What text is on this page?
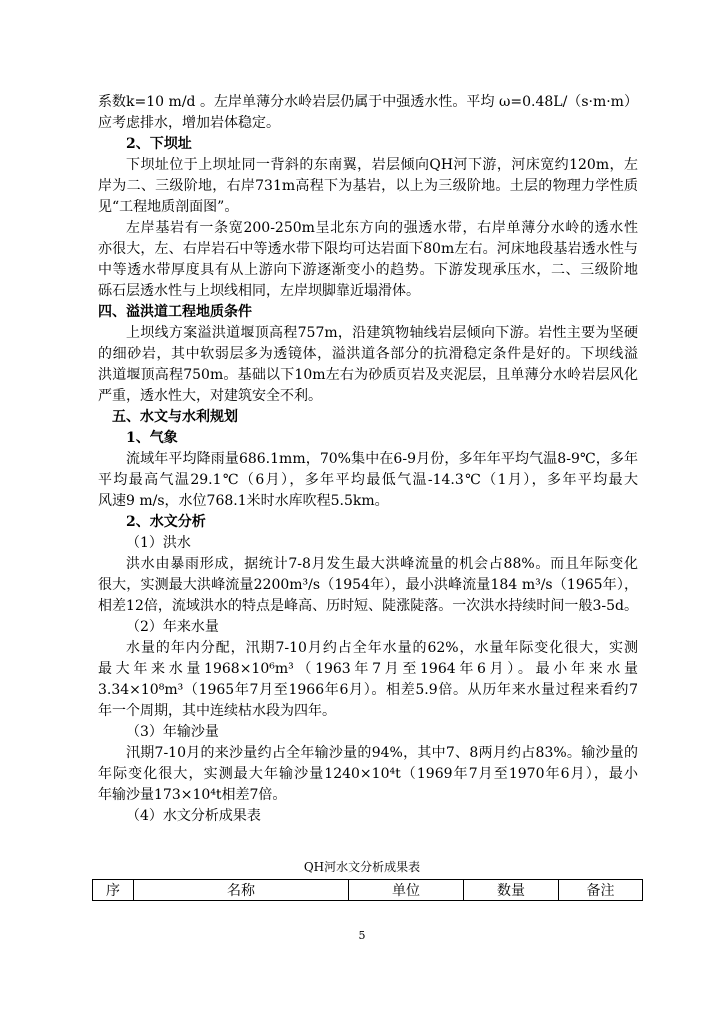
系数k=10 m/d 。左岸单薄分水岭岩层仍属于中强透水性。平均 ω=0.48L/（s·m·m）
应考虑排水，增加岩体稳定。
2、下坝址
下坝址位于上坝址同一背斜的东南翼，岩层倾向QH河下游，河床宽约120m，左
岸为二、三级阶地，右岸731m高程下为基岩，以上为三级阶地。土层的物理力学性质
见“工程地质剖面图”。
左岸基岩有一条宽200-250m呈北东方向的强透水带，右岸单薄分水岭的透水性
亦很大，左、右岸岩石中等透水带下限均可达岩面下80m左右。河床地段基岩透水性与
中等透水带厚度具有从上游向下游逐渐变小的趋势。下游发现承压水，二、三级阶地
砾石层透水性与上坝线相同，左岸坝脚靠近塌滑体。
四、溢洪道工程地质条件
上坝线方案溢洪道堰顶高程757m，沿建筑物轴线岩层倾向下游。岩性主要为坚硬
的细砂岩，其中软弱层多为透镜体，溢洪道各部分的抗滑稳定条件是好的。下坝线溢
洪道堰顶高程750m。基础以下10m左右为砂质页岩及夹泥层，且单薄分水岭岩层风化
严重，透水性大，对建筑安全不利。
五、水文与水利规划
1、气象
流域年平均降雨量686.1mm，70%集中在6-9月份，多年年平均气温8-9℃，多年
平均最高气温29.1℃（6月），多年平均最低气温-14.3℃（1月），多年平均最大
风速9 m/s，水位768.1米时水库吹程5.5km。
2、水文分析
（1）洪水
洪水由暴雨形成，据统计7-8月发生最大洪峰流量的机会占88%。而且年际变化
很大，实测最大洪峰流量2200m³/s（1954年），最小洪峰流量184 m³/s（1965年），
相差12倍，流域洪水的特点是峰高、历时短、陡涨陡落。一次洪水持续时间一般3-5d。
（2）年来水量
水量的年内分配，汛期7-10月约占全年水量的62%，水量年际变化很大，实测
最大年来水量1968×10⁶m³（1963年7月至1964年6月）。最小年来水量
3.34×10⁸m³（1965年7月至1966年6月）。相差5.9倍。从历年来水量过程来看约7
年一个周期，其中连续枯水段为四年。
（3）年输沙量
汛期7-10月的来沙量约占全年输沙量的94%，其中7、8两月约占83%。输沙量的
年际变化很大，实测最大年输沙量1240×10⁴t（1969年7月至1970年6月），最小
年输沙量173×10⁴t相差7倍。
（4）水文分析成果表
QH河水文分析成果表
序	名称	单位	数量	备注
5
